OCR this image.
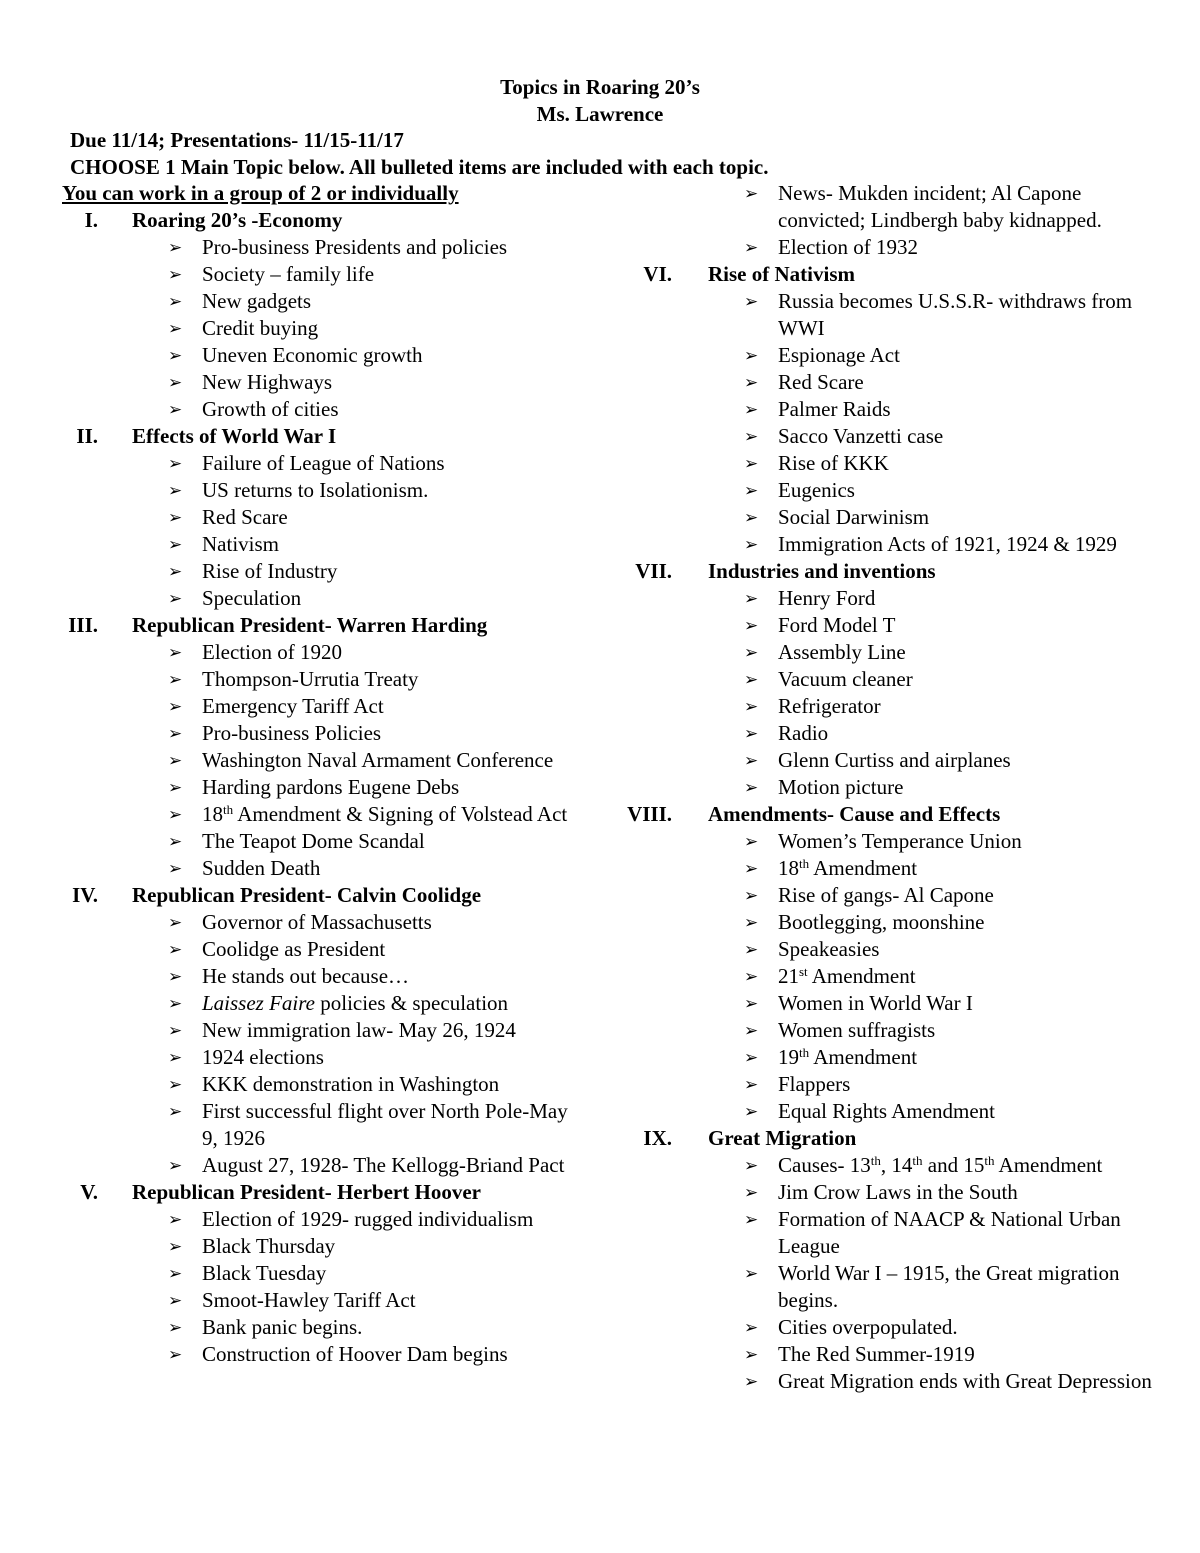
Topics in Roaring 20’s
Ms. Lawrence
Due 11/14; Presentations- 11/15-11/17
CHOOSE 1 Main Topic below. All bulleted items are included with each topic.
You can work in a group of 2 or individually
I. Roaring 20’s -Economy
➢ Pro-business Presidents and policies
➢ Society – family life
➢ New gadgets
➢ Credit buying
➢ Uneven Economic growth
➢ New Highways
➢ Growth of cities
II. Effects of World War I
➢ Failure of League of Nations
➢ US returns to Isolationism.
➢ Red Scare
➢ Nativism
➢ Rise of Industry
➢ Speculation
III. Republican President- Warren Harding
➢ Election of 1920
➢ Thompson-Urrutia Treaty
➢ Emergency Tariff Act
➢ Pro-business Policies
➢ Washington Naval Armament Conference
➢ Harding pardons Eugene Debs
➢ 18th Amendment & Signing of Volstead Act
➢ The Teapot Dome Scandal
➢ Sudden Death
IV. Republican President- Calvin Coolidge
➢ Governor of Massachusetts
➢ Coolidge as President
➢ He stands out because…
➢ Laissez Faire policies & speculation
➢ New immigration law- May 26, 1924
➢ 1924 elections
➢ KKK demonstration in Washington
➢ First successful flight over North Pole-May 9, 1926
➢ August 27, 1928- The Kellogg-Briand Pact
V. Republican President- Herbert Hoover
➢ Election of 1929- rugged individualism
➢ Black Thursday
➢ Black Tuesday
➢ Smoot-Hawley Tariff Act
➢ Bank panic begins.
➢ Construction of Hoover Dam begins
➢ News- Mukden incident; Al Capone convicted; Lindbergh baby kidnapped.
➢ Election of 1932
VI. Rise of Nativism
➢ Russia becomes U.S.S.R- withdraws from WWI
➢ Espionage Act
➢ Red Scare
➢ Palmer Raids
➢ Sacco Vanzetti case
➢ Rise of KKK
➢ Eugenics
➢ Social Darwinism
➢ Immigration Acts of 1921, 1924 & 1929
VII. Industries and inventions
➢ Henry Ford
➢ Ford Model T
➢ Assembly Line
➢ Vacuum cleaner
➢ Refrigerator
➢ Radio
➢ Glenn Curtiss and airplanes
➢ Motion picture
VIII. Amendments- Cause and Effects
➢ Women’s Temperance Union
➢ 18th Amendment
➢ Rise of gangs- Al Capone
➢ Bootlegging, moonshine
➢ Speakeasies
➢ 21st Amendment
➢ Women in World War I
➢ Women suffragists
➢ 19th Amendment
➢ Flappers
➢ Equal Rights Amendment
IX. Great Migration
➢ Causes- 13th, 14th and 15th Amendment
➢ Jim Crow Laws in the South
➢ Formation of NAACP & National Urban League
➢ World War I – 1915, the Great migration begins.
➢ Cities overpopulated.
➢ The Red Summer-1919
➢ Great Migration ends with Great Depression
